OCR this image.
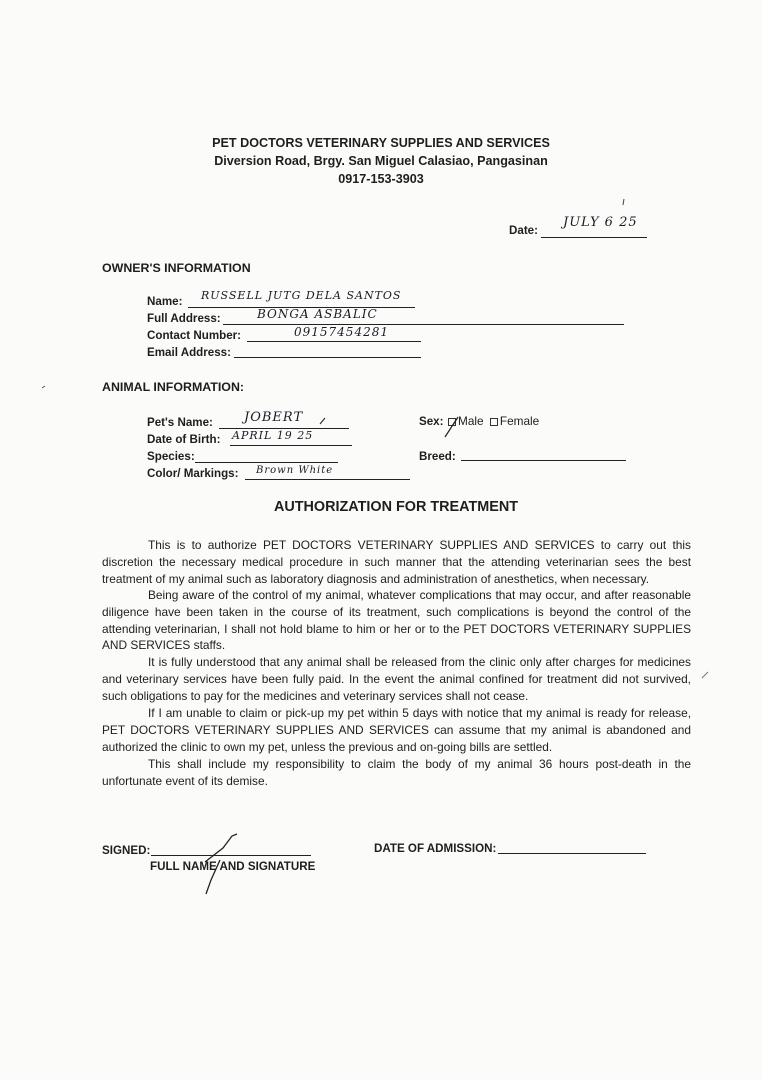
PET DOCTORS VETERINARY SUPPLIES AND SERVICES
Diversion Road, Brgy. San Miguel Calasiao, Pangasinan
0917-153-3903
Date:
JULY 6 25
OWNER'S INFORMATION
Name: RUSSELL JUTG DELA SANTOS
Full Address:	BONGA ASBALIC
Contact Number:	09157454281
Email Address:
ANIMAL INFORMATION:
Pet's Name: JOBERT
Date of Birth: APRIL 19 25
Species:
Color/ Markings: Brown White
Sex:	Male Female
Breed:
AUTHORIZATION FOR TREATMENT

This is to authorize PET DOCTORS VETERINARY SUPPLIES AND SERVICES to carry out this discretion the necessary medical procedure in such manner that the attending veterinarian sees the best treatment of my animal such as laboratory diagnosis and administration of anesthetics, when necessary.

Being aware of the control of my animal, whatever complications that may occur, and after reasonable diligence have been taken in the course of its treatment, such complications is beyond the control of the attending veterinarian, I shall not hold blame to him or her or to the PET DOCTORS VETERINARY SUPPLIES AND SERVICES staffs.

It is fully understood that any animal shall be released from the clinic only after charges for medicines and veterinary services have been fully paid. In the event the animal confined for treatment did not survived, such obligations to pay for the medicines and veterinary services shall not cease.

If I am unable to claim or pick-up my pet within 5 days with notice that my animal is ready for release, PET DOCTORS VETERINARY SUPPLIES AND SERVICES can assume that my animal is abandoned and authorized the clinic to own my pet, unless the previous and on-going bills are settled.

This shall include my responsibility to claim the body of my animal 36 hours post-death in the unfortunate event of its demise.

SIGNED:
FULL NAME AND SIGNATURE
DATE OF ADMISSION:
